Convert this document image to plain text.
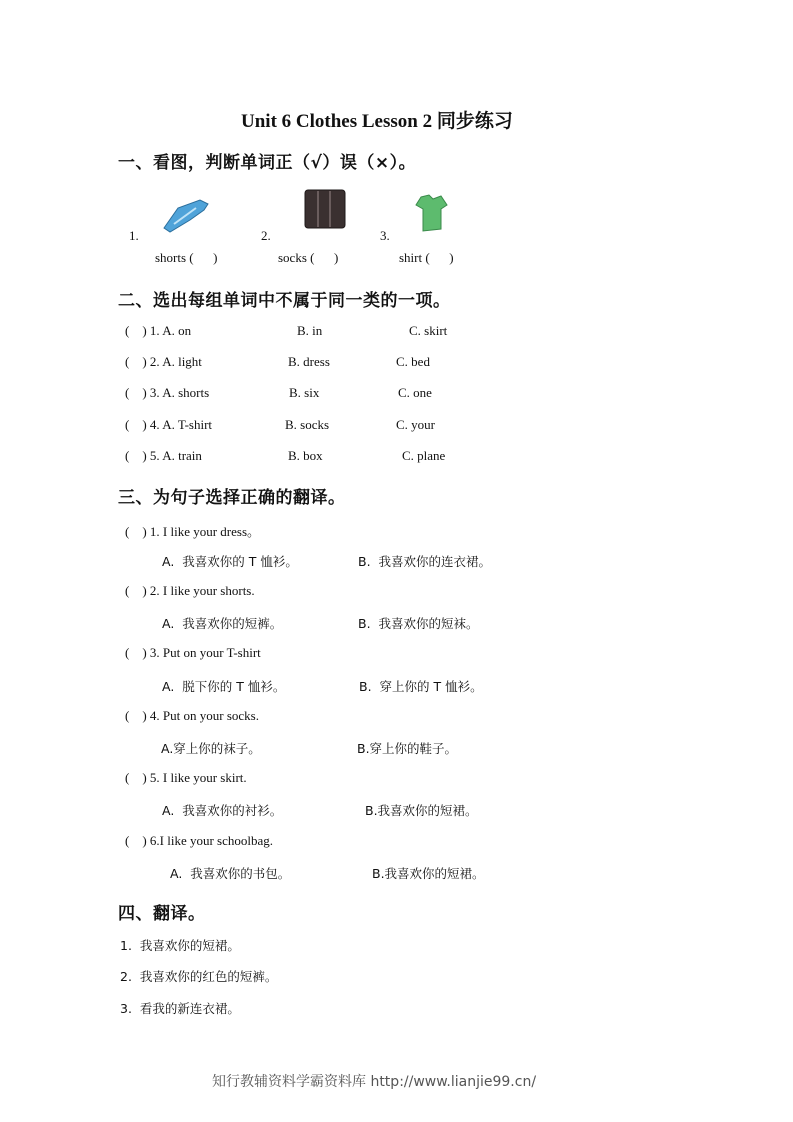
Unit 6 Clothes Lesson 2 同步练习
一、看图，判断单词正（√）误（×）。
1.	2.	3.
shorts (      )	socks (      )	shirt (      )
二、选出每组单词中不属于同一类的一项。
(    ) 1. A. on	B. in	C. skirt
(    ) 2. A. light	B. dress	C. bed
(    ) 3. A. shorts	B. six	C. one
(    ) 4. A. T-shirt	B. socks	C. your
(    ) 5. A. train	B. box	C. plane
三、为句子选择正确的翻译。
(    ) 1. I like your dress。
A.  我喜欢你的 T 恤衫。	B.  我喜欢你的连衣裙。
(    ) 2. I like your shorts.
A.  我喜欢你的短裤。	B.  我喜欢你的短袜。
(    ) 3. Put on your T-shirt
A.  脱下你的 T 恤衫。	B.  穿上你的 T 恤衫。
(    ) 4. Put on your socks.
A.穿上你的袜子。	B.穿上你的鞋子。
(    ) 5. I like your skirt.
A.  我喜欢你的衬衫。	B.我喜欢你的短裙。
(    ) 6.I like your schoolbag.
A.  我喜欢你的书包。	B.我喜欢你的短裙。
四、翻译。
1.  我喜欢你的短裙。
2.  我喜欢你的红色的短裤。
3.  看我的新连衣裙。
知行教辅资料学霸资料库 http://www.lianjie99.cn/
